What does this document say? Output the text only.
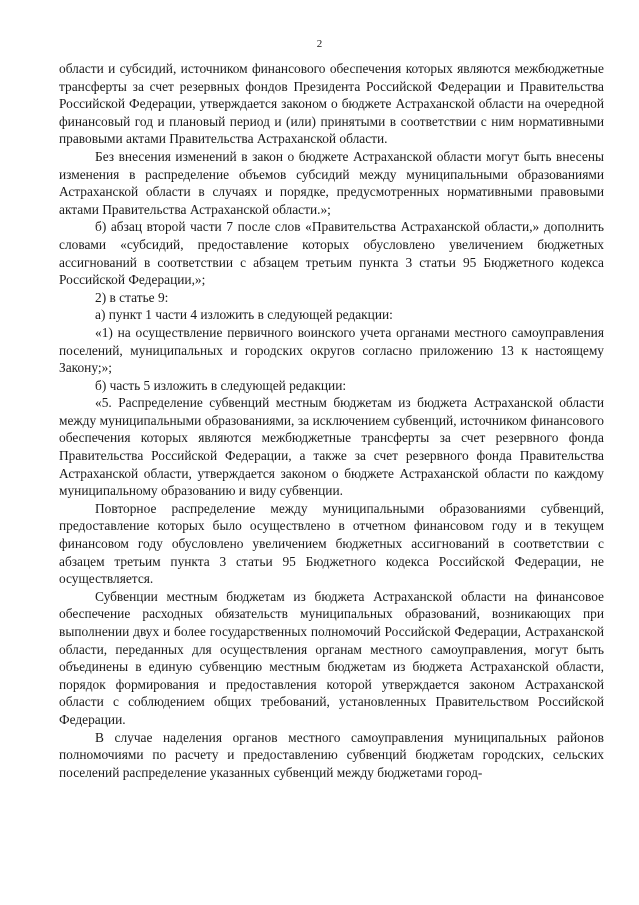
2

области и субсидий, источником финансового обеспечения которых являются межбюджетные трансферты за счет резервных фондов Президента Российской Федерации и Правительства Российской Федерации, утверждается законом о бюджете Астраханской области на очередной финансовый год и плановый период и (или) принятыми в соответствии с ним нормативными правовыми актами Правительства Астраханской области.

Без внесения изменений в закон о бюджете Астраханской области могут быть внесены изменения в распределение объемов субсидий между муниципальными образованиями Астраханской области в случаях и порядке, предусмотренных нормативными правовыми актами Правительства Астраханской области.»;

б) абзац второй части 7 после слов «Правительства Астраханской области,» дополнить словами «субсидий, предоставление которых обусловлено увеличением бюджетных ассигнований в соответствии с абзацем третьим пункта 3 статьи 95 Бюджетного кодекса Российской Федерации,»;

2) в статье 9:

а) пункт 1 части 4 изложить в следующей редакции:

«1) на осуществление первичного воинского учета органами местного самоуправления поселений, муниципальных и городских округов согласно приложению 13 к настоящему Закону;»;

б) часть 5 изложить в следующей редакции:

«5. Распределение субвенций местным бюджетам из бюджета Астраханской области между муниципальными образованиями, за исключением субвенций, источником финансового обеспечения которых являются межбюджетные трансферты за счет резервного фонда Правительства Российской Федерации, а также за счет резервного фонда Правительства Астраханской области, утверждается законом о бюджете Астраханской области по каждому муниципальному образованию и виду субвенции.

Повторное распределение между муниципальными образованиями субвенций, предоставление которых было осуществлено в отчетном финансовом году и в текущем финансовом году обусловлено увеличением бюджетных ассигнований в соответствии с абзацем третьим пункта 3 статьи 95 Бюджетного кодекса Российской Федерации, не осуществляется.

Субвенции местным бюджетам из бюджета Астраханской области на финансовое обеспечение расходных обязательств муниципальных образований, возникающих при выполнении двух и более государственных полномочий Российской Федерации, Астраханской области, переданных для осуществления органам местного самоуправления, могут быть объединены в единую субвенцию местным бюджетам из бюджета Астраханской области, порядок формирования и предоставления которой утверждается законом Астраханской области с соблюдением общих требований, установленных Правительством Российской Федерации.

В случае наделения органов местного самоуправления муниципальных районов полномочиями по расчету и предоставлению субвенций бюджетам городских, сельских поселений распределение указанных субвенций между бюджетами город-
